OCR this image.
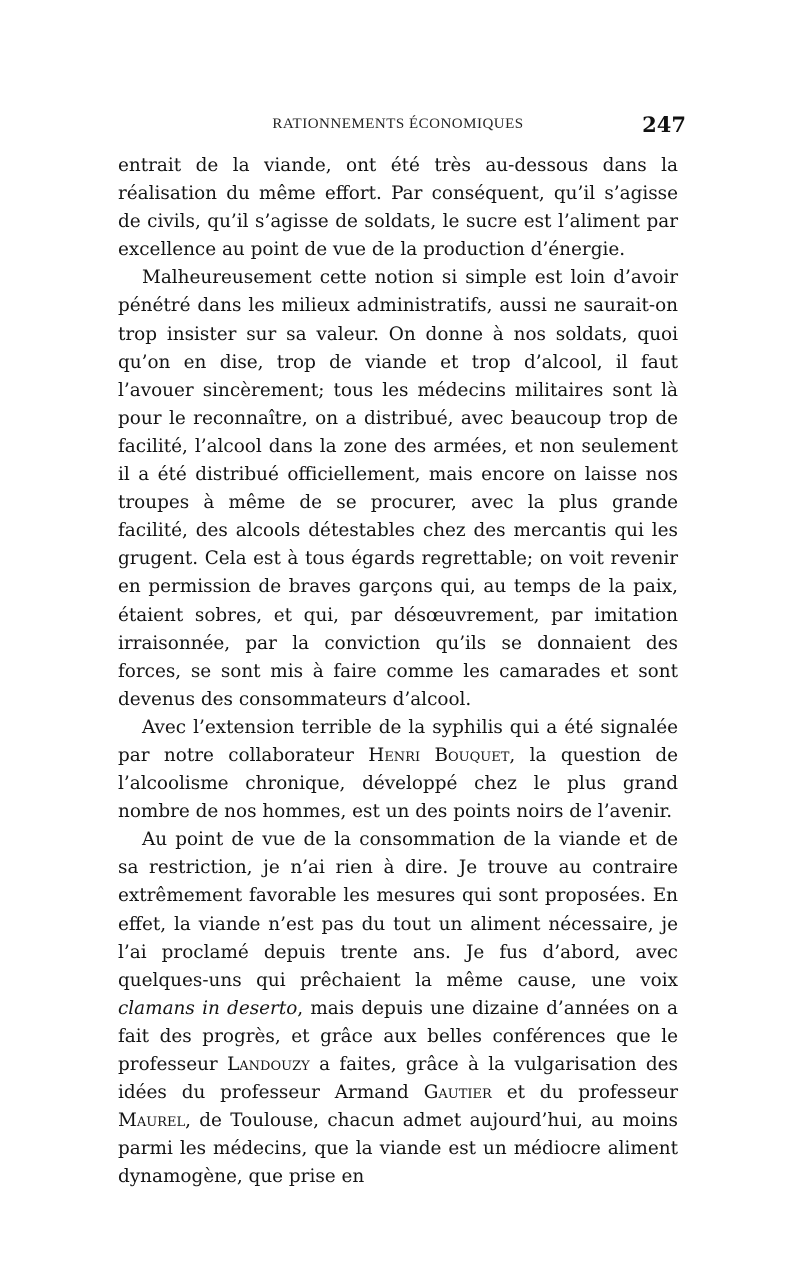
RATIONNEMENTS ÉCONOMIQUES	247

entrait de la viande, ont été très au-dessous dans la réalisation du même effort. Par conséquent, qu’il s’agisse de civils, qu’il s’agisse de soldats, le sucre est l’aliment par excellence au point de vue de la production d’énergie.

Malheureusement cette notion si simple est loin d’avoir pénétré dans les milieux administratifs, aussi ne saurait-on trop insister sur sa valeur. On donne à nos soldats, quoi qu’on en dise, trop de viande et trop d’alcool, il faut l’avouer sincèrement; tous les médecins militaires sont là pour le reconnaître, on a distribué, avec beaucoup trop de facilité, l’alcool dans la zone des armées, et non seulement il a été distribué officiellement, mais encore on laisse nos troupes à même de se procurer, avec la plus grande facilité, des alcools détestables chez des mercantis qui les grugent. Cela est à tous égards regrettable; on voit revenir en permission de braves garçons qui, au temps de la paix, étaient sobres, et qui, par désœuvrement, par imitation irraisonnée, par la conviction qu’ils se donnaient des forces, se sont mis à faire comme les camarades et sont devenus des consommateurs d’alcool.

Avec l’extension terrible de la syphilis qui a été signalée par notre collaborateur Henri Bouquet, la question de l’alcoolisme chronique, développé chez le plus grand nombre de nos hommes, est un des points noirs de l’avenir.

Au point de vue de la consommation de la viande et de sa restriction, je n’ai rien à dire. Je trouve au contraire extrêmement favorable les mesures qui sont proposées. En effet, la viande n’est pas du tout un aliment nécessaire, je l’ai proclamé depuis trente ans. Je fus d’abord, avec quelques-uns qui prêchaient la même cause, une voix clamans in deserto, mais depuis une dizaine d’années on a fait des progrès, et grâce aux belles conférences que le professeur Landouzy a faites, grâce à la vulgarisation des idées du professeur Armand Gautier et du professeur Maurel, de Toulouse, chacun admet aujourd’hui, au moins parmi les médecins, que la viande est un médiocre aliment dynamogène, que prise en
